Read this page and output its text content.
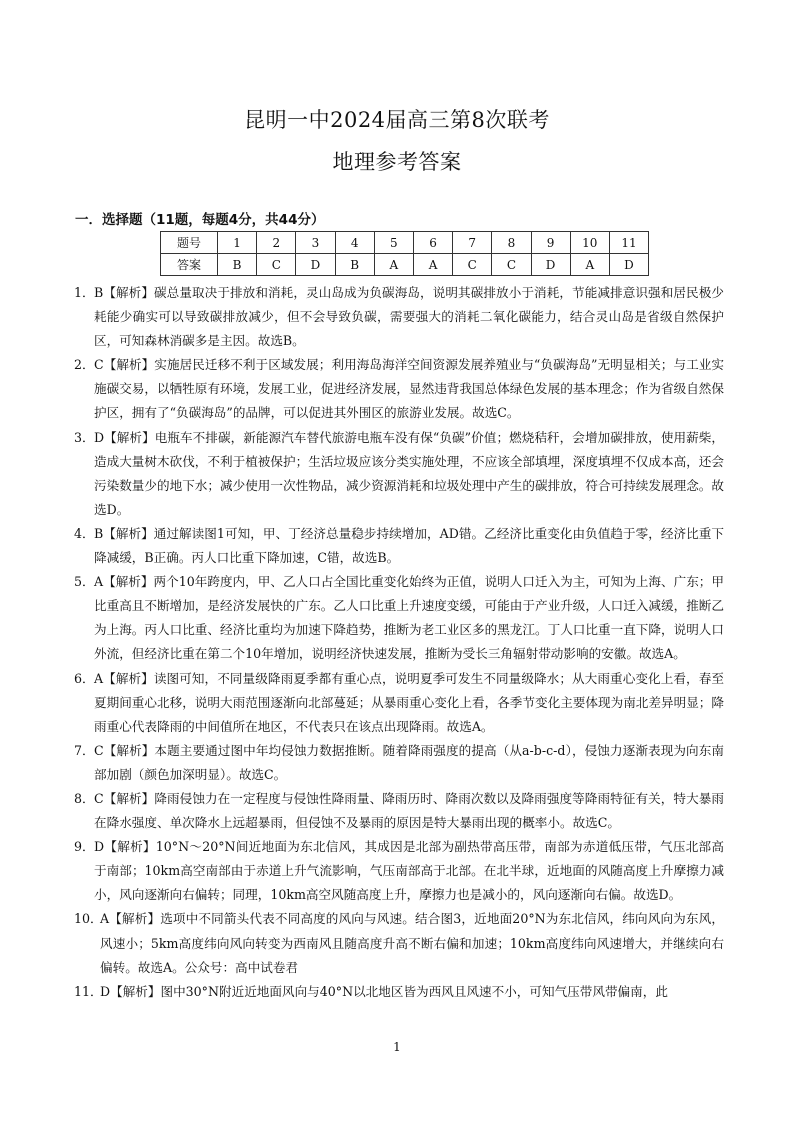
昆明一中2024届高三第8次联考
地理参考答案
一．选择题（11题，每题4分，共44分）
题号	1	2	3	4	5	6	7	8	9	10	11
答案	B	C	D	B	A	A	C	C	D	A	D
1． B【解析】碳总量取决于排放和消耗，灵山岛成为负碳海岛，说明其碳排放小于消耗，节能减排意识强和居民极少耗能少确实可以导致碳排放减少，但不会导致负碳，需要强大的消耗二氧化碳能力，结合灵山岛是省级自然保护区，可知森林消碳多是主因。故选B。
2． C【解析】实施居民迁移不利于区域发展；利用海岛海洋空间资源发展养殖业与“负碳海岛”无明显相关；与工业实施碳交易，以牺牲原有环境，发展工业，促进经济发展，显然违背我国总体绿色发展的基本理念；作为省级自然保护区，拥有了“负碳海岛”的品牌，可以促进其外围区的旅游业发展。故选C。
3． D【解析】电瓶车不排碳，新能源汽车替代旅游电瓶车没有保“负碳”价值；燃烧秸秆，会增加碳排放，使用薪柴，造成大量树木砍伐，不利于植被保护；生活垃圾应该分类实施处理，不应该全部填埋，深度填埋不仅成本高，还会污染数量少的地下水；减少使用一次性物品，减少资源消耗和垃圾处理中产生的碳排放，符合可持续发展理念。故选D。
4． B【解析】通过解读图1可知，甲、丁经济总量稳步持续增加，AD错。乙经济比重变化由负值趋于零，经济比重下降减缓，B正确。丙人口比重下降加速，C错，故选B。
5． A【解析】两个10年跨度内，甲、乙人口占全国比重变化始终为正值，说明人口迁入为主，可知为上海、广东；甲比重高且不断增加，是经济发展快的广东。乙人口比重上升速度变缓，可能由于产业升级，人口迁入减缓，推断乙为上海。丙人口比重、经济比重均为加速下降趋势，推断为老工业区多的黑龙江。丁人口比重一直下降，说明人口外流，但经济比重在第二个10年增加，说明经济快速发展，推断为受长三角辐射带动影响的安徽。故选A。
6． A【解析】读图可知，不同量级降雨夏季都有重心点，说明夏季可发生不同量级降水；从大雨重心变化上看，春至夏期间重心北移，说明大雨范围逐渐向北部蔓延；从暴雨重心变化上看，各季节变化主要体现为南北差异明显；降雨重心代表降雨的中间值所在地区，不代表只在该点出现降雨。故选A。
7． C【解析】本题主要通过图中年均侵蚀力数据推断。随着降雨强度的提高（从a-b-c-d），侵蚀力逐渐表现为向东南部加剧（颜色加深明显）。故选C。
8． C【解析】降雨侵蚀力在一定程度与侵蚀性降雨量、降雨历时、降雨次数以及降雨强度等降雨特征有关，特大暴雨在降水强度、单次降水上远超暴雨，但侵蚀不及暴雨的原因是特大暴雨出现的概率小。故选C。
9． D【解析】10°N～20°N间近地面为东北信风，其成因是北部为副热带高压带，南部为赤道低压带，气压北部高于南部；10km高空南部由于赤道上升气流影响，气压南部高于北部。在北半球，近地面的风随高度上升摩擦力减小，风向逐渐向右偏转；同理，10km高空风随高度上升，摩擦力也是减小的，风向逐渐向右偏。故选D。
10．
A【解析】选项中不同箭头代表不同高度的风向与风速。结合图3，近地面20°N为东北信风，纬向风向为东风，风速小；5km高度纬向风向转变为西南风且随高度升高不断右偏和加速；10km高度纬向风速增大，并继续向右偏转。故选A。公众号：高中试卷君
11．
D【解析】图中30°N附近近地面风向与40°N以北地区皆为西风且风速不小，可知气压带风带偏南，此
1
